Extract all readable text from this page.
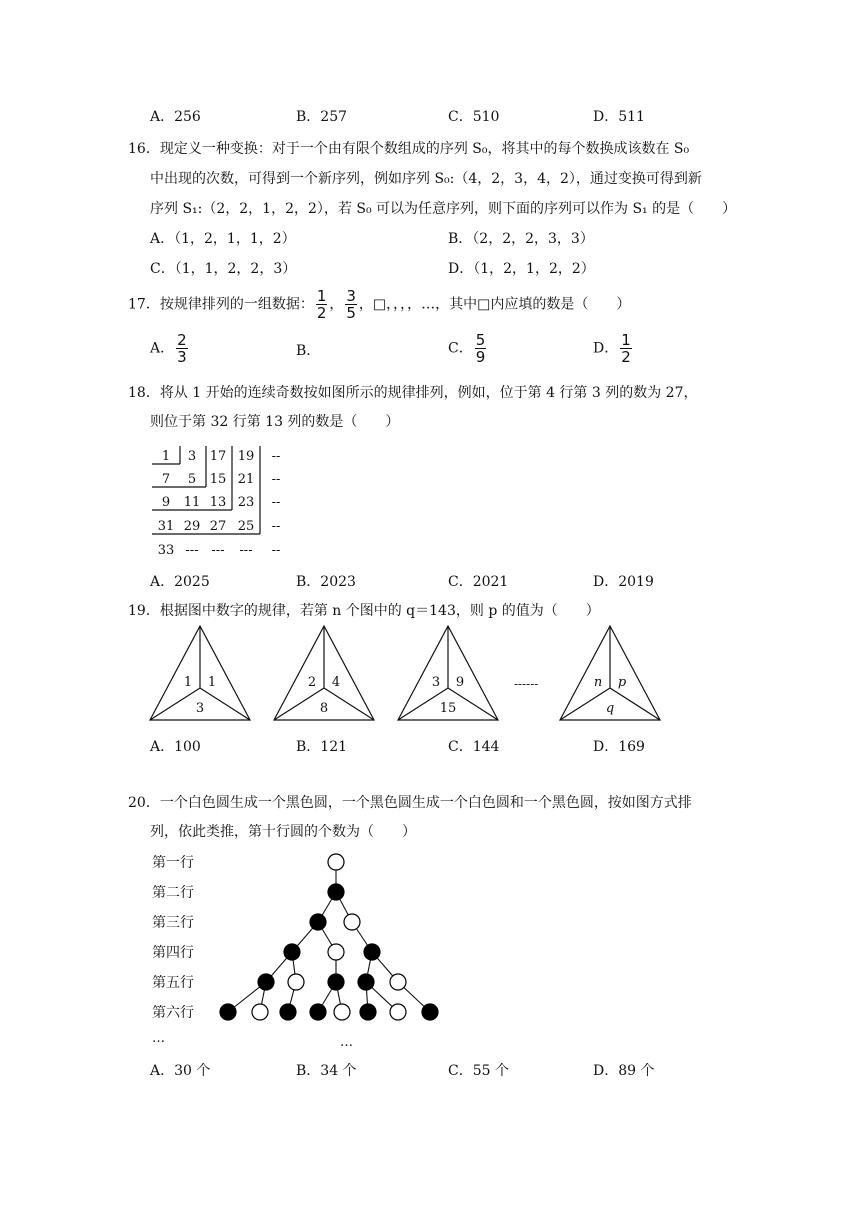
A．256	B．257	C．510	D．511
16．现定义一种变换：对于一个由有限个数组成的序列 S₀，将其中的每个数换成该数在 S₀
中出现的次数，可得到一个新序列，例如序列 S₀:（4，2，3，4，2），通过变换可得到新
序列 S₁:（2，2，1，2，2），若 S₀ 可以为任意序列，则下面的序列可以作为 S₁ 的是（　　）
A．（1，2，1，1，2）	B．（2，2，2，3，3）
C．（1，1，2，2，3）	D．（1，2，1，2，2）
17．按规律排列的一组数据： $\frac{1}{2}$ ， $\frac{3}{5}$ ，□，，，，…，其中□内应填的数是（　　）
A． $\frac{2}{3}$	B．	C． $\frac{5}{9}$	D． $\frac{1}{2}$
18．将从 1 开始的连续奇数按如图所示的规律排列，例如，位于第 4 行第 3 列的数为 27，
则位于第 32 行第 13 列的数是（　　）
1 3 17 19 --
7 5 15 21 --
9 11 13 23 --
31 29 27 25 --
33 --- --- --- --
A．2025	B．2023	C．2021	D．2019
19．根据图中数字的规律，若第 n 个图中的 q＝143，则 p 的值为（　　）
1 1
3
2 4
8
3 9
15
n p
q
------
A．100	B．121	C．144	D．169
20．一个白色圆生成一个黑色圆，一个黑色圆生成一个白色圆和一个黑色圆，按如图方式排
列，依此类推，第十行圆的个数为（　　）
第一行
第二行
第三行
第四行
第五行
第六行
…	…
A．30 个	B．34 个	C．55 个	D．89 个
